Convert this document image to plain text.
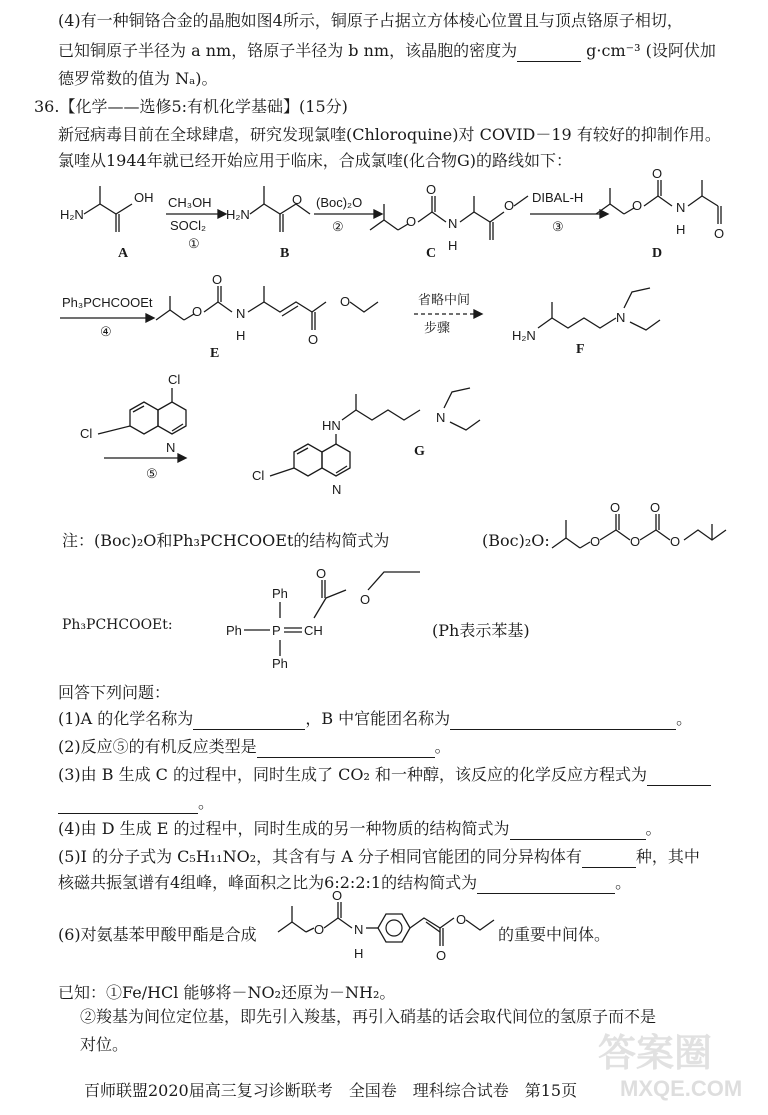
(4)有一种铜铬合金的晶胞如图4所示，铜原子占据立方体棱心位置且与顶点铬原子相切，
已知铜原子半径为 a nm，铬原子半径为 b nm，该晶胞的密度为	g·cm⁻³ (设阿伏加
德罗常数的值为 Nₐ)。
36.【化学——选修5:有机化学基础】(15分)
新冠病毒目前在全球肆虐，研究发现氯喹(Chloroquine)对 COVID－19 有较好的抑制作用。
氯喹从1944年就已经开始应用于临床，合成氯喹(化合物G)的路线如下：
H₂N
OH CH₃OH
SOCl₂
①
H₂N
O (Boc)₂O
②	O
O
N
H
O
DIBAL-H
③
O
O
N
H O
Ph₃PCHCOOEt
④
O
O
N
H	O
O	省略中间
步骤	H₂N
N
Cl
Cl
N
⑤
HN
N
Cl
N
O
O
O
O
O
Ph
Ph P CH
Ph
O
O
O
O
N
H	O
O
A	B	C	D
E	F
G
注：(Boc)₂O和Ph₃PCHCOOEt的结构简式为	(Boc)₂O:
Ph₃PCHCOOEt:	(Ph表示苯基)
回答下列问题：
(1)A 的化学名称为	，B 中官能团名称为	。
(2)反应⑤的有机反应类型是	。
(3)由 B 生成 C 的过程中，同时生成了 CO₂ 和一种醇，该反应的化学反应方程式为
。
(4)由 D 生成 E 的过程中，同时生成的另一种物质的结构简式为	。
(5)I 的分子式为 C₅H₁₁NO₂，其含有与 A 分子相同官能团的同分异构体有	种，其中
核磁共振氢谱有4组峰，峰面积之比为6:2:2:1的结构简式为	。
(6)对氨基苯甲酸甲酯是合成	的重要中间体。
已知：①Fe/HCl 能够将－NO₂还原为－NH₂。
②羧基为间位定位基，即先引入羧基，再引入硝基的话会取代间位的氢原子而不是
对位。
百师联盟2020届高三复习诊断联考　全国卷　理科综合试卷　第15页
答案圈
MXQE.COM
